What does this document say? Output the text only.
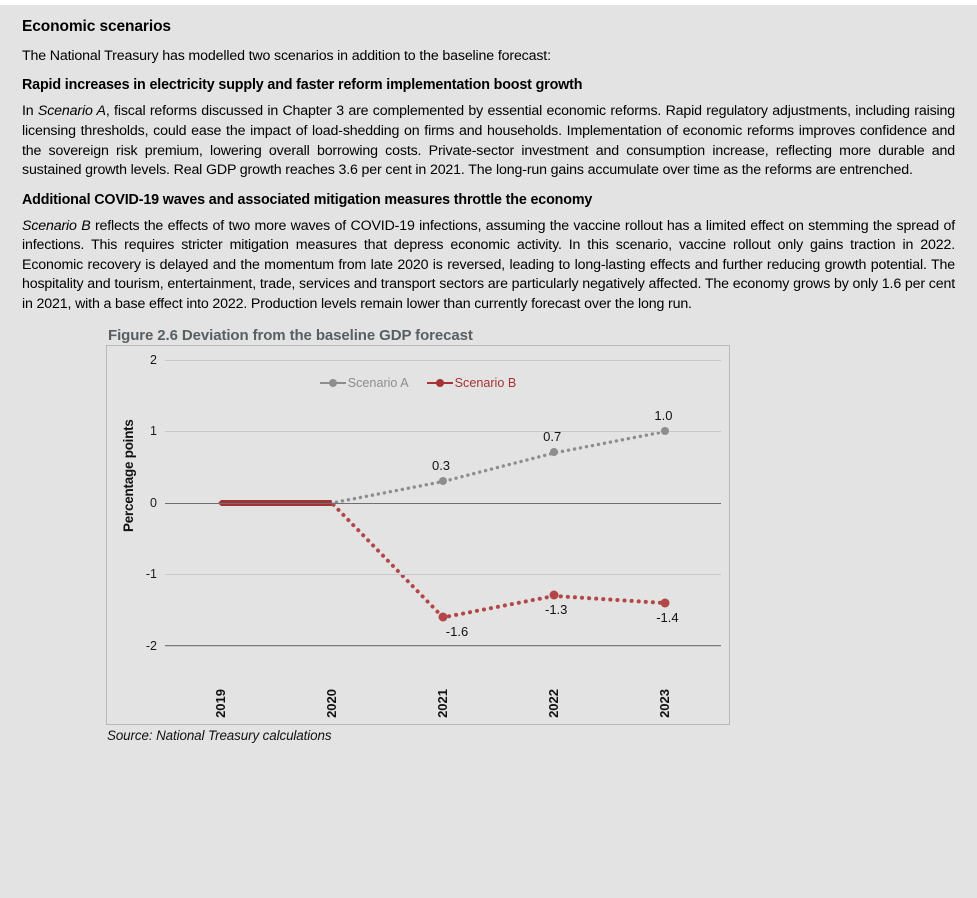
Economic scenarios

The National Treasury has modelled two scenarios in addition to the baseline forecast:

Rapid increases in electricity supply and faster reform implementation boost growth

In Scenario A, fiscal reforms discussed in Chapter 3 are complemented by essential economic reforms. Rapid regulatory adjustments, including raising licensing thresholds, could ease the impact of load-shedding on firms and households. Implementation of economic reforms improves confidence and the sovereign risk premium, lowering overall borrowing costs. Private-sector investment and consumption increase, reflecting more durable and sustained growth levels. Real GDP growth reaches 3.6 per cent in 2021. The long-run gains accumulate over time as the reforms are entrenched.

Additional COVID-19 waves and associated mitigation measures throttle the economy

Scenario B reflects the effects of two more waves of COVID-19 infections, assuming the vaccine rollout has a limited effect on stemming the spread of infections. This requires stricter mitigation measures that depress economic activity. In this scenario, vaccine rollout only gains traction in 2022. Economic recovery is delayed and the momentum from late 2020 is reversed, leading to long-lasting effects and further reducing growth potential. The hospitality and tourism, entertainment, trade, services and transport sectors are particularly negatively affected. The economy grows by only 1.6 per cent in 2021, with a base effect into 2022. Production levels remain lower than currently forecast over the long run.

Figure 2.6 Deviation from the baseline GDP forecast
Percentage points
Scenario A	Scenario B
2
1
0
-1
-2
0.3
0.7
1.0
-1.6
-1.3	-1.4
2019	2020	2021	2022	2023
Source: National Treasury calculations
